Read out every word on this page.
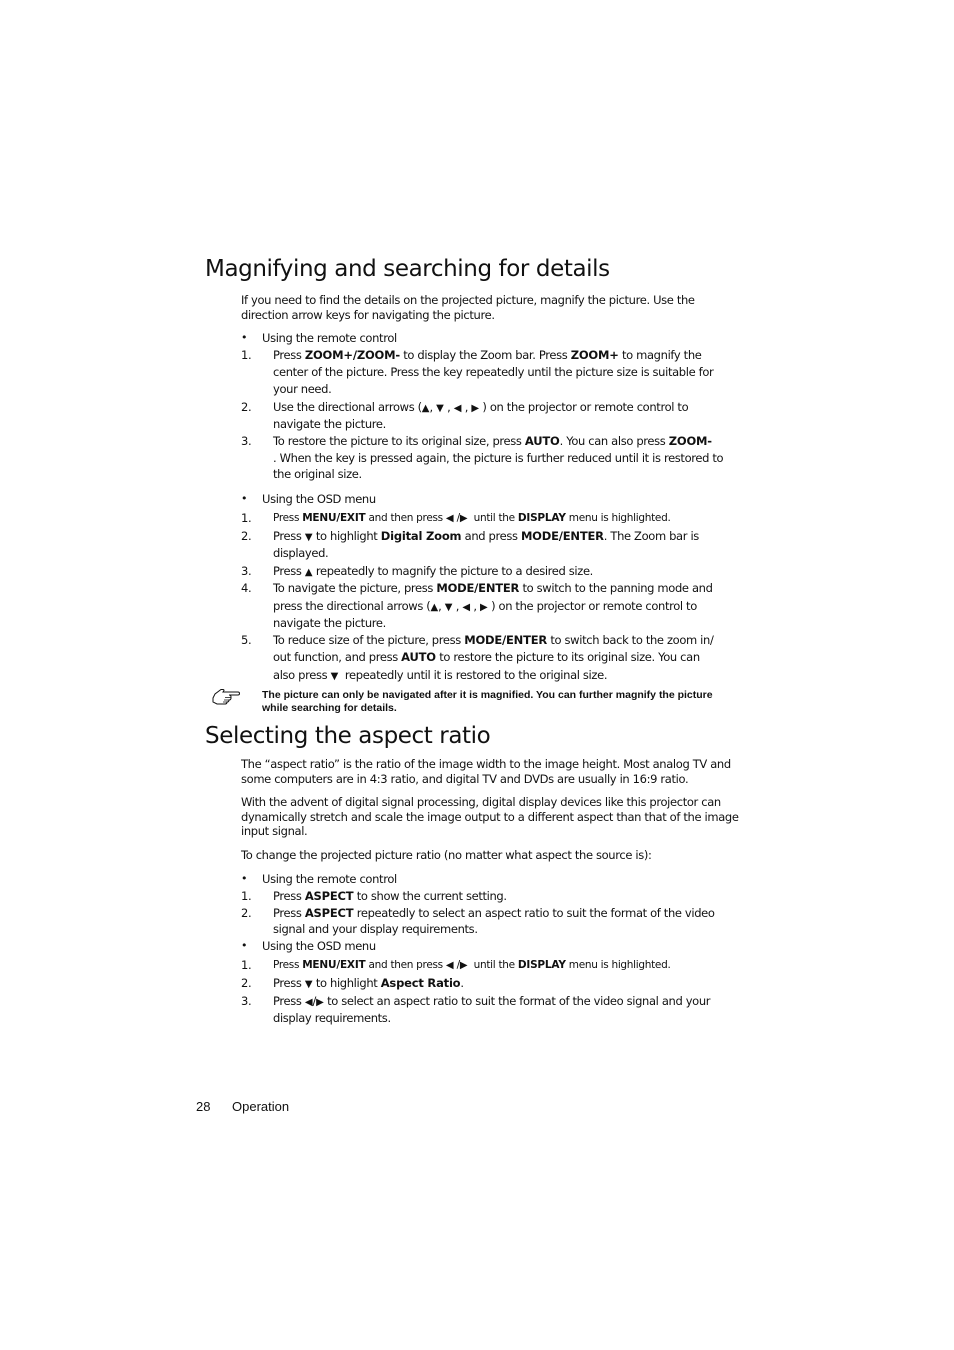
Magnifying and searching for details

If you need to find the details on the projected picture, magnify the picture. Use the
direction arrow keys for navigating the picture.

• Using the remote control
1. Press ZOOM+/ZOOM- to display the Zoom bar. Press ZOOM+ to magnify the
center of the picture. Press the key repeatedly until the picture size is suitable for
your need.
2. Use the directional arrows (▲, ▼ , ◀ , ▶ ) on the projector or remote control to
navigate the picture.
3. To restore the picture to its original size, press AUTO. You can also press ZOOM-
. When the key is pressed again, the picture is further reduced until it is restored to
the original size.
• Using the OSD menu
1. Press MENU/EXIT and then press ◀ /▶ until the DISPLAY menu is highlighted.
2. Press ▼ to highlight Digital Zoom and press MODE/ENTER. The Zoom bar is
displayed.
3. Press ▲ repeatedly to magnify the picture to a desired size.
4. To navigate the picture, press MODE/ENTER to switch to the panning mode and
press the directional arrows (▲, ▼ , ◀ , ▶ ) on the projector or remote control to
navigate the picture.
5. To reduce size of the picture, press MODE/ENTER to switch back to the zoom in/
out function, and press AUTO to restore the picture to its original size. You can
also press ▼ repeatedly until it is restored to the original size.

The picture can only be navigated after it is magnified. You can further magnify the picture
while searching for details.

Selecting the aspect ratio

The “aspect ratio” is the ratio of the image width to the image height. Most analog TV and
some computers are in 4:3 ratio, and digital TV and DVDs are usually in 16:9 ratio.

With the advent of digital signal processing, digital display devices like this projector can
dynamically stretch and scale the image output to a different aspect than that of the image
input signal.

To change the projected picture ratio (no matter what aspect the source is):

• Using the remote control
1. Press ASPECT to show the current setting.
2. Press ASPECT repeatedly to select an aspect ratio to suit the format of the video
signal and your display requirements.
• Using the OSD menu
1. Press MENU/EXIT and then press ◀ /▶ until the DISPLAY menu is highlighted.
2. Press ▼ to highlight Aspect Ratio.
3. Press ◀/▶ to select an aspect ratio to suit the format of the video signal and your
display requirements.
28 Operation
